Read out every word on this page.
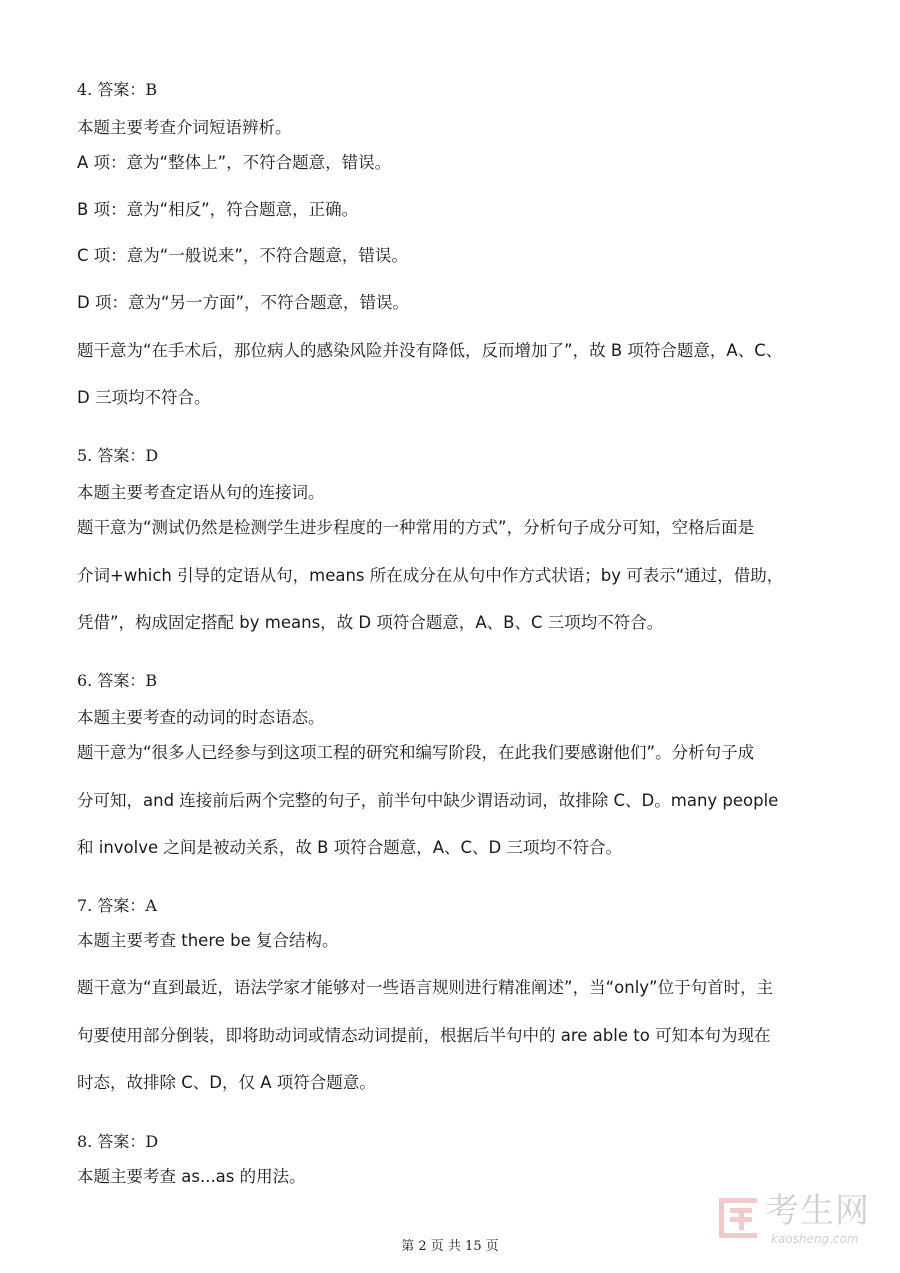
4. 答案：B
本题主要考查介词短语辨析。
A 项：意为“整体上”，不符合题意，错误。
B 项：意为“相反”，符合题意，正确。
C 项：意为“一般说来”，不符合题意，错误。
D 项：意为“另一方面”，不符合题意，错误。
题干意为“在手术后，那位病人的感染风险并没有降低，反而增加了”，故 B 项符合题意，A、C、
D 三项均不符合。
5. 答案：D
本题主要考查定语从句的连接词。
题干意为“测试仍然是检测学生进步程度的一种常用的方式”，分析句子成分可知，空格后面是
介词+which 引导的定语从句，means 所在成分在从句中作方式状语；by 可表示“通过，借助，
凭借”，构成固定搭配 by means，故 D 项符合题意，A、B、C 三项均不符合。
6. 答案：B
本题主要考查的动词的时态语态。
题干意为“很多人已经参与到这项工程的研究和编写阶段，在此我们要感谢他们”。分析句子成
分可知，and 连接前后两个完整的句子，前半句中缺少谓语动词，故排除 C、D。many people
和 involve 之间是被动关系，故 B 项符合题意，A、C、D 三项均不符合。
7. 答案：A
本题主要考查 there be 复合结构。
题干意为“直到最近，语法学家才能够对一些语言规则进行精准阐述”，当“only”位于句首时，主
句要使用部分倒装，即将助动词或情态动词提前，根据后半句中的 are able to 可知本句为现在
时态，故排除 C、D，仅 A 项符合题意。
8. 答案：D
本题主要考查 as...as 的用法。
第 2 页 共 15 页
考生网
kaosheng.com
